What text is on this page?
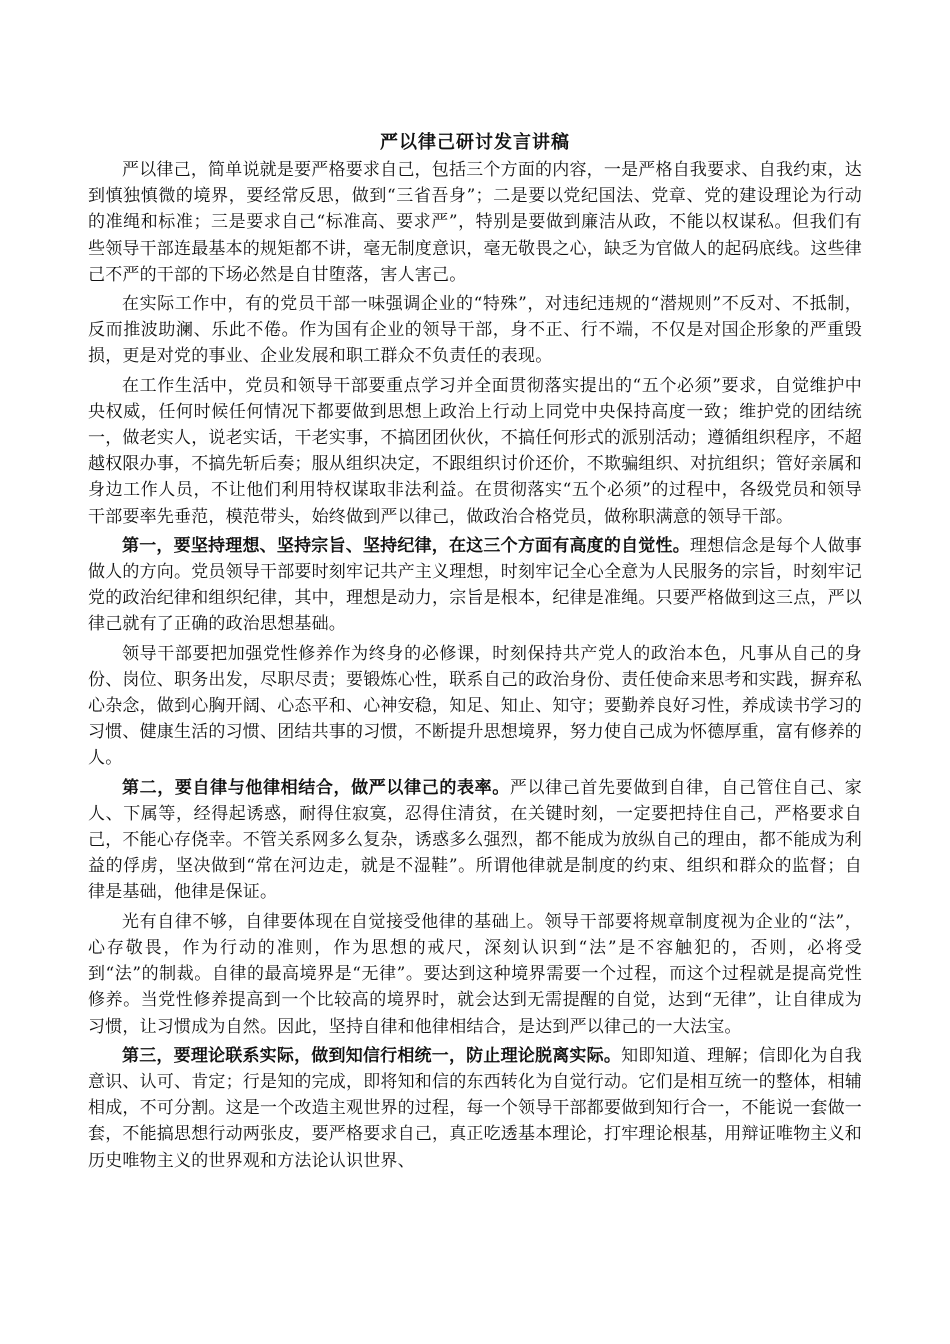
严以律己研讨发言讲稿

严以律己，简单说就是要严格要求自己，包括三个方面的内容，一是严格自我要求、自我约束，达到慎独慎微的境界，要经常反思，做到“三省吾身”；二是要以党纪国法、党章、党的建设理论为行动的准绳和标准；三是要求自己“标准高、要求严”，特别是要做到廉洁从政，不能以权谋私。但我们有些领导干部连最基本的规矩都不讲，毫无制度意识，毫无敬畏之心，缺乏为官做人的起码底线。这些律己不严的干部的下场必然是自甘堕落，害人害己。

在实际工作中，有的党员干部一味强调企业的“特殊”，对违纪违规的“潜规则”不反对、不抵制，反而推波助澜、乐此不倦。作为国有企业的领导干部，身不正、行不端，不仅是对国企形象的严重毁损，更是对党的事业、企业发展和职工群众不负责任的表现。

在工作生活中，党员和领导干部要重点学习并全面贯彻落实提出的“五个必须”要求，自觉维护中央权威，任何时候任何情况下都要做到思想上政治上行动上同党中央保持高度一致；维护党的团结统一，做老实人，说老实话，干老实事，不搞团团伙伙，不搞任何形式的派别活动；遵循组织程序，不超越权限办事，不搞先斩后奏；服从组织决定，不跟组织讨价还价，不欺骗组织、对抗组织；管好亲属和身边工作人员，不让他们利用特权谋取非法利益。在贯彻落实“五个必须”的过程中，各级党员和领导干部要率先垂范，模范带头，始终做到严以律己，做政治合格党员，做称职满意的领导干部。

第一，要坚持理想、坚持宗旨、坚持纪律，在这三个方面有高度的自觉性。理想信念是每个人做事做人的方向。党员领导干部要时刻牢记共产主义理想，时刻牢记全心全意为人民服务的宗旨，时刻牢记党的政治纪律和组织纪律，其中，理想是动力，宗旨是根本，纪律是准绳。只要严格做到这三点，严以律己就有了正确的政治思想基础。

领导干部要把加强党性修养作为终身的必修课，时刻保持共产党人的政治本色，凡事从自己的身份、岗位、职务出发，尽职尽责；要锻炼心性，联系自己的政治身份、责任使命来思考和实践，摒弃私心杂念，做到心胸开阔、心态平和、心神安稳，知足、知止、知守；要勤养良好习性，养成读书学习的习惯、健康生活的习惯、团结共事的习惯，不断提升思想境界，努力使自己成为怀德厚重，富有修养的人。

第二，要自律与他律相结合，做严以律己的表率。严以律己首先要做到自律，自己管住自己、家人、下属等，经得起诱惑，耐得住寂寞，忍得住清贫，在关键时刻，一定要把持住自己，严格要求自己，不能心存侥幸。不管关系网多么复杂，诱惑多么强烈，都不能成为放纵自己的理由，都不能成为利益的俘虏，坚决做到“常在河边走，就是不湿鞋”。所谓他律就是制度的约束、组织和群众的监督；自律是基础，他律是保证。

光有自律不够，自律要体现在自觉接受他律的基础上。领导干部要将规章制度视为企业的“法”，心存敬畏，作为行动的准则，作为思想的戒尺，深刻认识到“法”是不容触犯的，否则，必将受到“法”的制裁。自律的最高境界是“无律”。要达到这种境界需要一个过程，而这个过程就是提高党性修养。当党性修养提高到一个比较高的境界时，就会达到无需提醒的自觉，达到“无律”，让自律成为习惯，让习惯成为自然。因此，坚持自律和他律相结合，是达到严以律己的一大法宝。

第三，要理论联系实际，做到知信行相统一，防止理论脱离实际。知即知道、理解；信即化为自我意识、认可、肯定；行是知的完成，即将知和信的东西转化为自觉行动。它们是相互统一的整体，相辅相成，不可分割。这是一个改造主观世界的过程，每一个领导干部都要做到知行合一，不能说一套做一套，不能搞思想行动两张皮，要严格要求自己，真正吃透基本理论，打牢理论根基，用辩证唯物主义和历史唯物主义的世界观和方法论认识世界、
